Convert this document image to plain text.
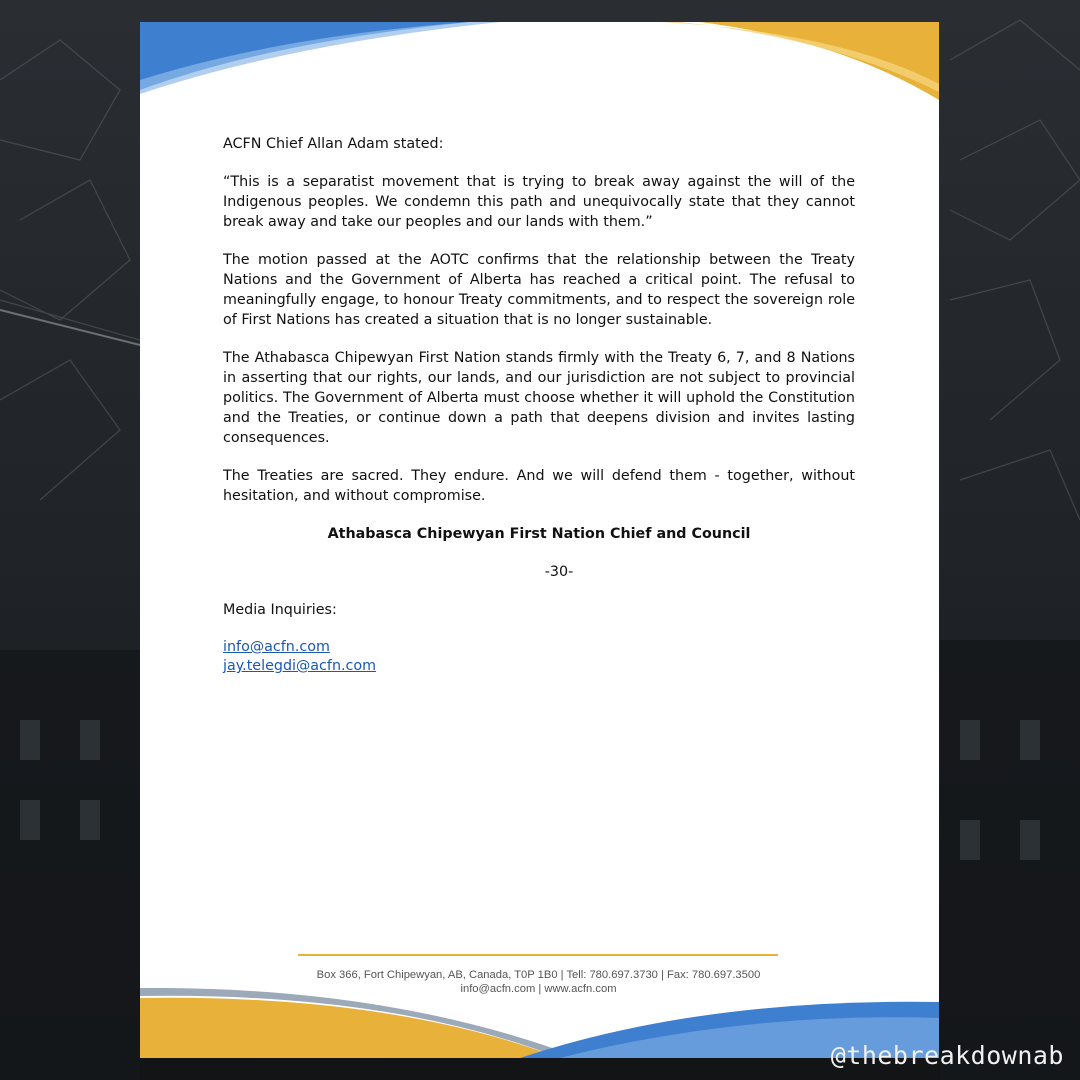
ACFN Chief Allan Adam stated:

“This is a separatist movement that is trying to break away against the will of the Indigenous peoples. We condemn this path and unequivocally state that they cannot break away and take our peoples and our lands with them.”

The motion passed at the AOTC confirms that the relationship between the Treaty Nations and the Government of Alberta has reached a critical point. The refusal to meaningfully engage, to honour Treaty commitments, and to respect the sovereign role of First Nations has created a situation that is no longer sustainable.

The Athabasca Chipewyan First Nation stands firmly with the Treaty 6, 7, and 8 Nations in asserting that our rights, our lands, and our jurisdiction are not subject to provincial politics. The Government of Alberta must choose whether it will uphold the Constitution and the Treaties, or continue down a path that deepens division and invites lasting consequences.

The Treaties are sacred. They endure. And we will defend them - together, without hesitation, and without compromise.

Athabasca Chipewyan First Nation Chief and Council

-30-

Media Inquiries:

info@acfn.com
jay.telegdi@acfn.com
Box 366, Fort Chipewyan, AB, Canada, T0P 1B0 | Tell: 780.697.3730 | Fax: 780.697.3500
info@acfn.com | www.acfn.com
@thebreakdownab
